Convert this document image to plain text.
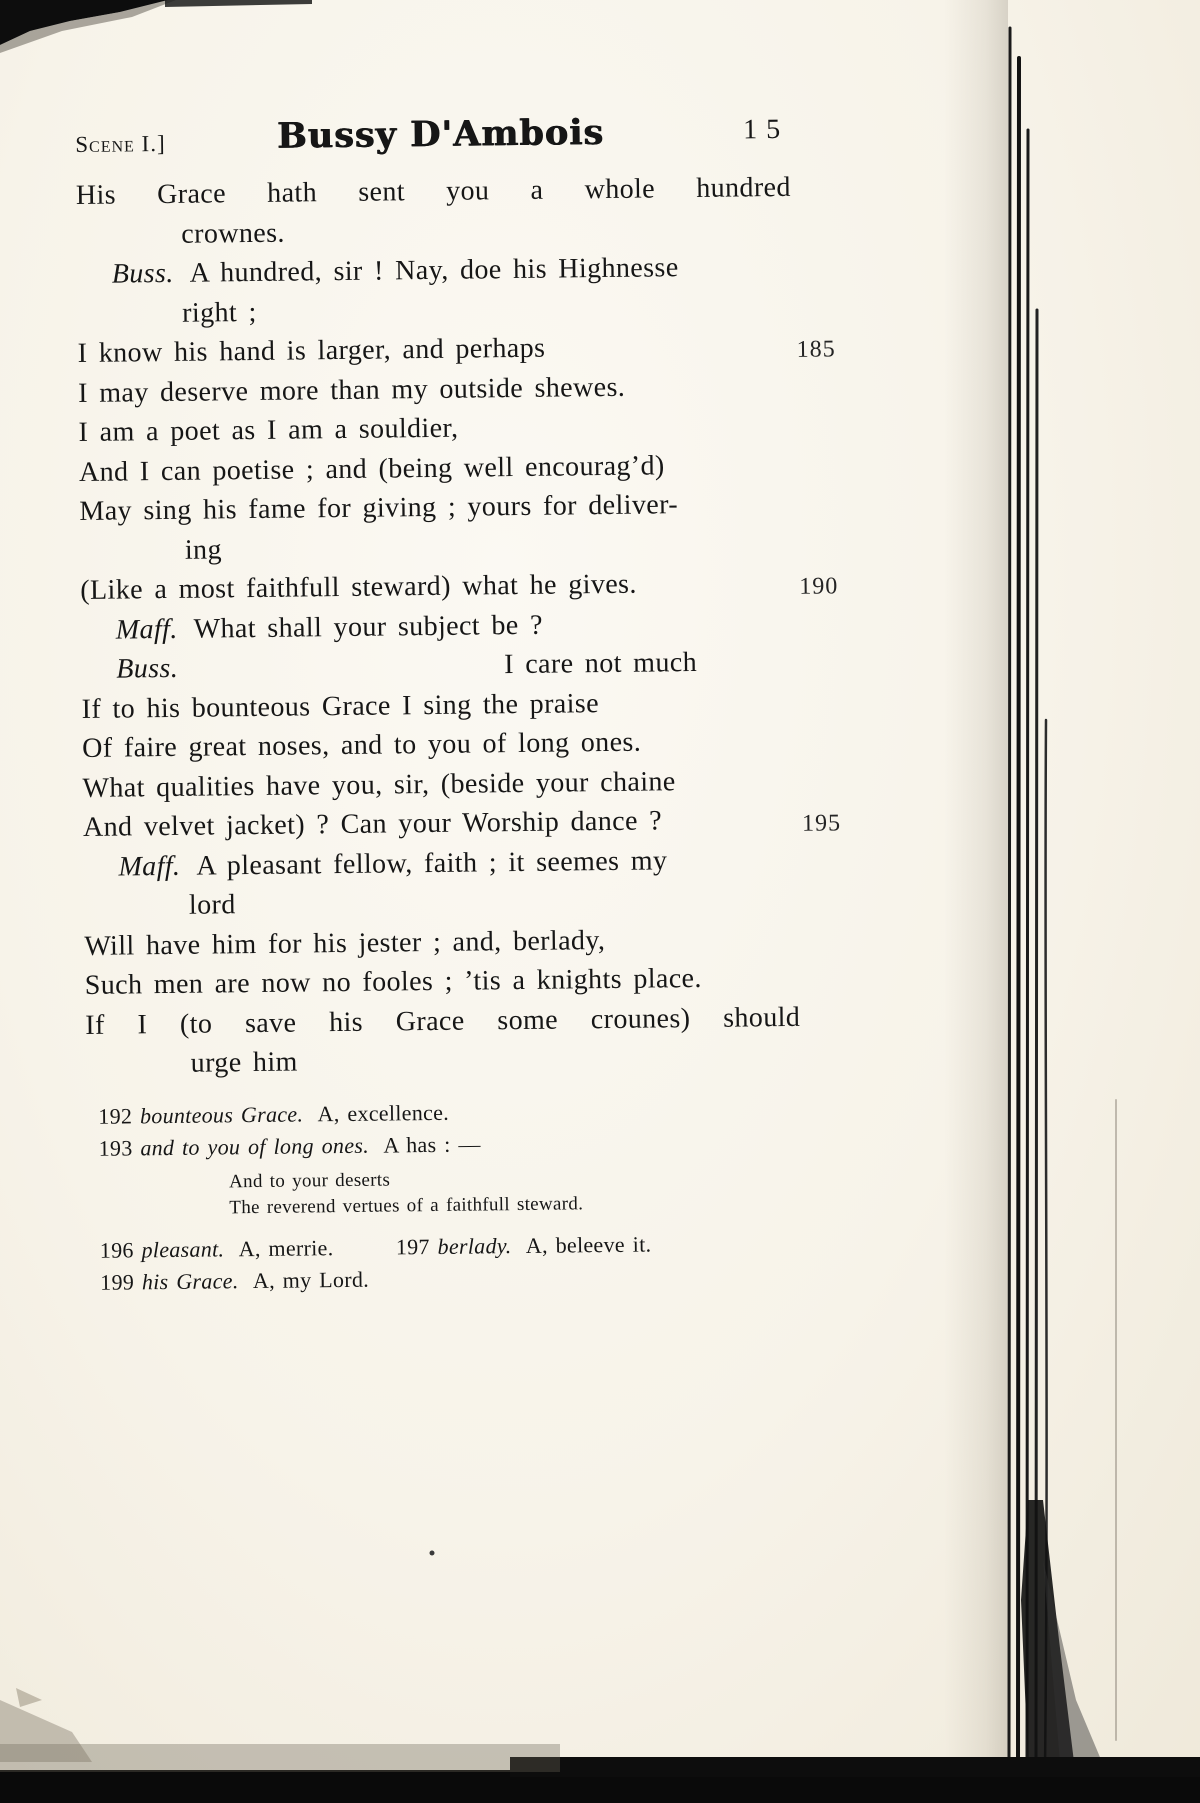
Scene I.]	Bussy D'Ambois	15
His Grace hath sent you a whole hundred
crownes.
Buss. A hundred, sir ! Nay, doe his Highnesse
right ;
I know his hand is larger, and perhaps	185
I may deserve more than my outside shewes.
I am a poet as I am a souldier,
And I can poetise ; and (being well encourag’d)
May sing his fame for giving ; yours for deliver-
ing
(Like a most faithfull steward) what he gives.	190
Maff. What shall your subject be ?
Buss.	I care not much
If to his bounteous Grace I sing the praise
Of faire great noses, and to you of long ones.
What qualities have you, sir, (beside your chaine
And velvet jacket) ? Can your Worship dance ?	195
Maff. A pleasant fellow, faith ; it seemes my
lord
Will have him for his jester ; and, berlady,
Such men are now no fooles ; ’tis a knights place.
If I (to save his Grace some crounes) should
urge him
192 bounteous Grace.  A, excellence.
193 and to you of long ones.  A has : —
And to your deserts
The reverend vertues of a faithfull steward.
196 pleasant.  A, merrie.        197 berlady.  A, beleeve it.
199 his Grace.  A, my Lord.
